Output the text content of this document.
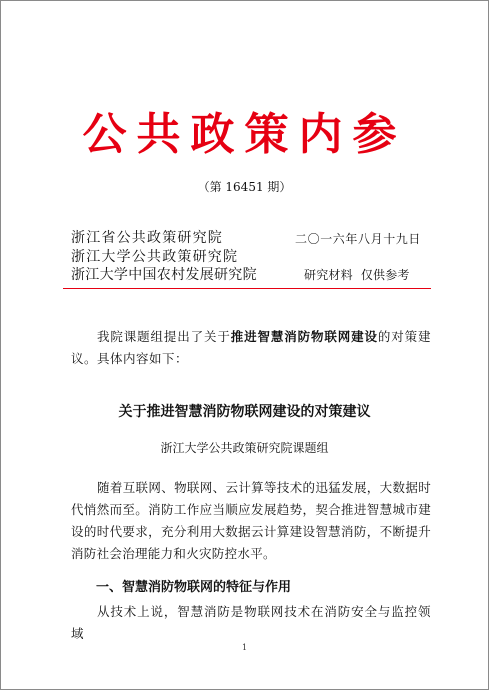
公共政策内参
（第 16451 期）
浙江省公共政策研究院
浙江大学公共政策研究院
浙江大学中国农村发展研究院
二〇一六年八月十九日
研究材料 仅供参考
我院课题组提出了关于推进智慧消防物联网建设的对策建议。具体内容如下：
关于推进智慧消防物联网建设的对策建议
浙江大学公共政策研究院课题组
随着互联网、物联网、云计算等技术的迅猛发展，大数据时代悄然而至。消防工作应当顺应发展趋势，契合推进智慧城市建设的时代要求，充分利用大数据云计算建设智慧消防，不断提升消防社会治理能力和火灾防控水平。
一、智慧消防物联网的特征与作用
从技术上说，智慧消防是物联网技术在消防安全与监控领域
1
